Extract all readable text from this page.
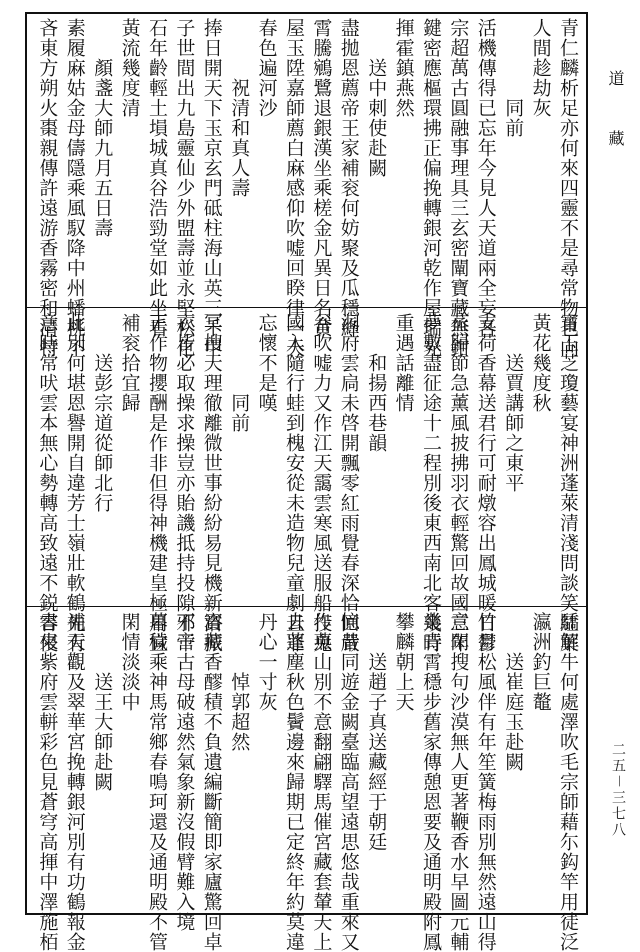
道　藏
二五－三七八
青仁麟析足亦何來四靈不是尋常物也向
人間趁劫灰
　　　　同前
活機傳得已忘年今見人天道兩全妄吾
宗超萬古圓融事理具三玄密闡寶藏無鉗
鍵密應樞環拂正偏挽轉銀河乾作屋瑞光
揮霍鎮燕然
　　送中刺使赴闕
盡拋恩薦帝王家補衮何妨聚及瓜穩絳
霄騰鵷鷺退銀漢坐乘槎金凡異日名黃
屋玉陞嘉師薦白麻感仰吹嘘回睽律一天
春色遍河沙
　　　祝清和真人壽
捧日開天下玉京玄門砥柱海山英三千甲
子世間出九島靈仙少外盟壽並永堅松化
石年齡輕土塤城真谷浩勁堂如此坐看
黃流幾度清
　　顏盞大師九月五日壽
素履麻姑金母儔隱乘風馭降中州蟠桃不
吝東方朔火棗親傳許遠游香霧密和清特
寶玉芝瓊藝宴神洲蓬萊清淺問談笑紅葉
黃花幾度秋
　　送賈講師之東平
支荷香幕送君行可耐燉容出鳳城暖日鬱
蒸歸節急薰風披拂羽衣輕驚回故國三年
夢數盡征途十二程別後東西南北客幾時
重遇話離情
　　和揚西巷韻
洞府雲扃未啓開飄零紅雨覺春深恰回嚴
谷吹嘘力又作江天靄雲寒風送服船投鬼
國入隨行蛙到槐安從未造物兒童劇且罪
忘懷不是嘆
　　　　同前
冥搜天理徹離微世事紛紛易見機新浴振
衣皆必取操求操豈亦貽譏抵持投隙邪干
正作物攖酬是作非但得神機建皇極用宜
補衮拾宜歸
　　送彭宗道從師北行
此別何堪恩譽開自違芳士嶺壯軟鶴先有
意時常吠雲本無心勢轉高致遠不鋭容侵
驕解牛何處澤吹毛宗師藉尓鈎竿用徒泛
瀛洲釣巨鼇
　　送崔庭玉赴闕
竹月松風伴有年笙簧梅雨別無然遠山得
意閑搜句沙漠無人更著鞭香水早圖元輔
業青霄穩步舊家傳憩恩要及通明殿附鳳
攀麟朝上天
　　送趙子真送藏經于朝廷
憶昔同遊金闕臺臨高望遠思悠哉重來又
作燕山別不意翻翩驛馬催宮藏套輦天上
去蓬塵秋色鬢邊來歸期已定終年約莫違
丹心一寸灰
　　　悼郭超然
寶藏香醪積不負遺編斷簡即家廬驚回卓
不啻古母破遠然氣象新沒假臂難入境
暮穢乘神馬常鄉春鳴珂還及通明殿不管
閑情淡淡中
　　　送王大師赴闕
補天觀及翠華宮挽轉銀河別有功鶴報金
書來紫府雲軿彩色見蒼穹高揮中澤施栢
